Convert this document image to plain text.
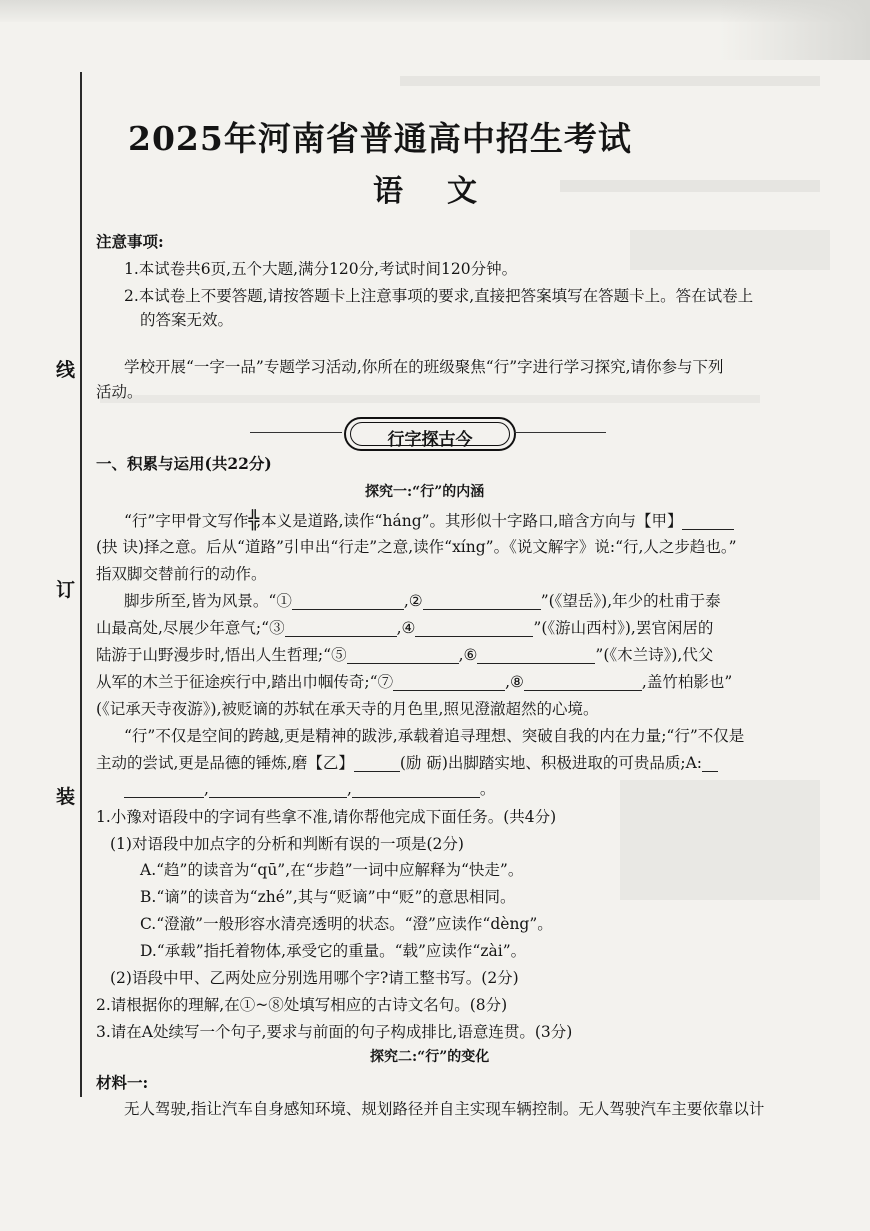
线
订
装
2025年河南省普通高中招生考试
语文
注意事项:
1.本试卷共6页,五个大题,满分120分,考试时间120分钟。
2.本试卷上不要答题,请按答题卡上注意事项的要求,直接把答案填写在答题卡上。答在试卷上
的答案无效。
学校开展“一字一品”专题学习活动,你所在的班级聚焦“行”字进行学习探究,请你参与下列
活动。
行字探古今
一、积累与运用(共22分)
探究一:“行”的内涵
“行”字甲骨文写作╬,本义是道路,读作“háng”。其形似十字路口,暗含方向与【甲】
(抉 诀)择之意。后从“道路”引申出“行走”之意,读作“xíng”。《说文解字》说:“行,人之步趋也。”
指双脚交替前行的动作。
脚步所至,皆为风景。“①	,②	”(《望岳》),年少的杜甫于泰
山最高处,尽展少年意气;“③	,④	”(《游山西村》),罢官闲居的
陆游于山野漫步时,悟出人生哲理;“⑤	,⑥	”(《木兰诗》),代父
从军的木兰于征途疾行中,踏出巾帼传奇;“⑦	,⑧	,盖竹柏影也”
(《记承天寺夜游》),被贬谪的苏轼在承天寺的月色里,照见澄澈超然的心境。
“行”不仅是空间的跨越,更是精神的跋涉,承载着追寻理想、突破自我的内在力量;“行”不仅是
主动的尝试,更是品德的锤炼,磨【乙】	(励 砺)出脚踏实地、积极进取的可贵品质;A:
,	,	。
1.小豫对语段中的字词有些拿不准,请你帮他完成下面任务。(共4分)
(1)对语段中加点字的分析和判断有误的一项是(2分)
A.“趋”的读音为“qū”,在“步趋”一词中应解释为“快走”。
B.“谪”的读音为“zhé”,其与“贬谪”中“贬”的意思相同。
C.“澄澈”一般形容水清亮透明的状态。“澄”应读作“dèng”。
D.“承载”指托着物体,承受它的重量。“载”应读作“zài”。
(2)语段中甲、乙两处应分别选用哪个字?请工整书写。(2分)
2.请根据你的理解,在①~⑧处填写相应的古诗文名句。(8分)
3.请在A处续写一个句子,要求与前面的句子构成排比,语意连贯。(3分)
探究二:“行”的变化
材料一:
无人驾驶,指让汽车自身感知环境、规划路径并自主实现车辆控制。无人驾驶汽车主要依靠以计
